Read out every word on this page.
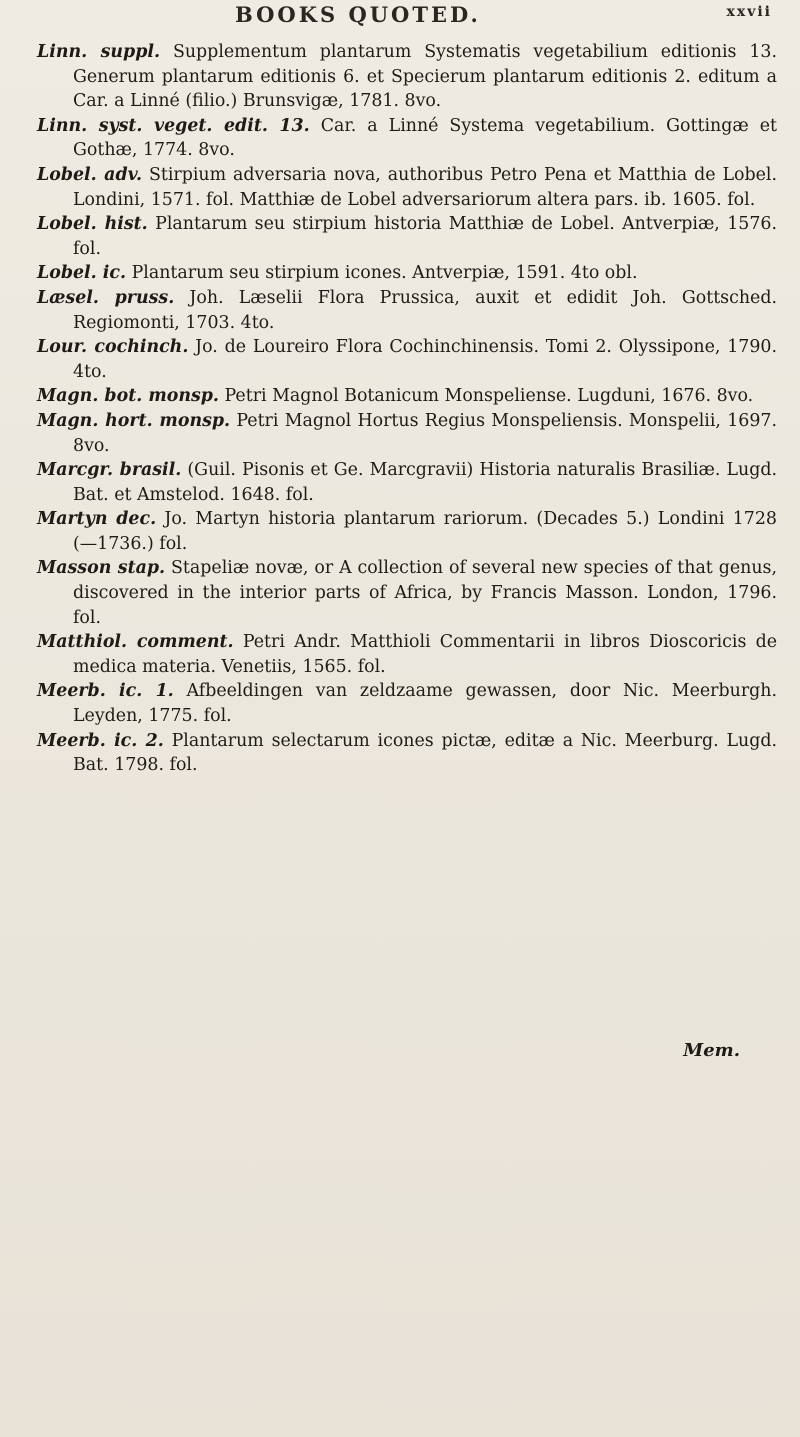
BOOKS QUOTED.	xxvii

Linn. suppl. Supplementum plantarum Systematis vegetabilium editionis 13. Generum plantarum editionis 6. et Specierum plantarum editionis 2. editum a Car. a Linné (filio.) Brunsvigæ, 1781. 8vo.

Linn. syst. veget. edit. 13. Car. a Linné Systema vegetabilium. Gottingæ et Gothæ, 1774. 8vo.

Lobel. adv. Stirpium adversaria nova, authoribus Petro Pena et Matthia de Lobel. Londini, 1571. fol. Matthiæ de Lobel adversariorum altera pars. ib. 1605. fol.

Lobel. hist. Plantarum seu stirpium historia Matthiæ de Lobel. Antverpiæ, 1576. fol.

Lobel. ic. Plantarum seu stirpium icones. Antverpiæ, 1591. 4to obl.

Læsel. pruss. Joh. Læselii Flora Prussica, auxit et edidit Joh. Gottsched. Regiomonti, 1703. 4to.

Lour. cochinch. Jo. de Loureiro Flora Cochinchinensis. Tomi 2. Olyssipone, 1790. 4to.

Magn. bot. monsp. Petri Magnol Botanicum Monspeliense. Lugduni, 1676. 8vo.

Magn. hort. monsp. Petri Magnol Hortus Regius Monspeliensis. Monspelii, 1697. 8vo.

Marcgr. brasil. (Guil. Pisonis et Ge. Marcgravii) Historia naturalis Brasiliæ. Lugd. Bat. et Amstelod. 1648. fol.

Martyn dec. Jo. Martyn historia plantarum rariorum. (Decades 5.) Londini 1728 (—1736.) fol.

Masson stap. Stapeliæ novæ, or A collection of several new species of that genus, discovered in the interior parts of Africa, by Francis Masson. London, 1796. fol.

Matthiol. comment. Petri Andr. Matthioli Commentarii in libros Dioscoricis de medica materia. Venetiis, 1565. fol.

Meerb. ic. 1. Afbeeldingen van zeldzaame gewassen, door Nic. Meerburgh. Leyden, 1775. fol.

Meerb. ic. 2. Plantarum selectarum icones pictæ, editæ a Nic. Meerburg. Lugd. Bat. 1798. fol.

Mem.
